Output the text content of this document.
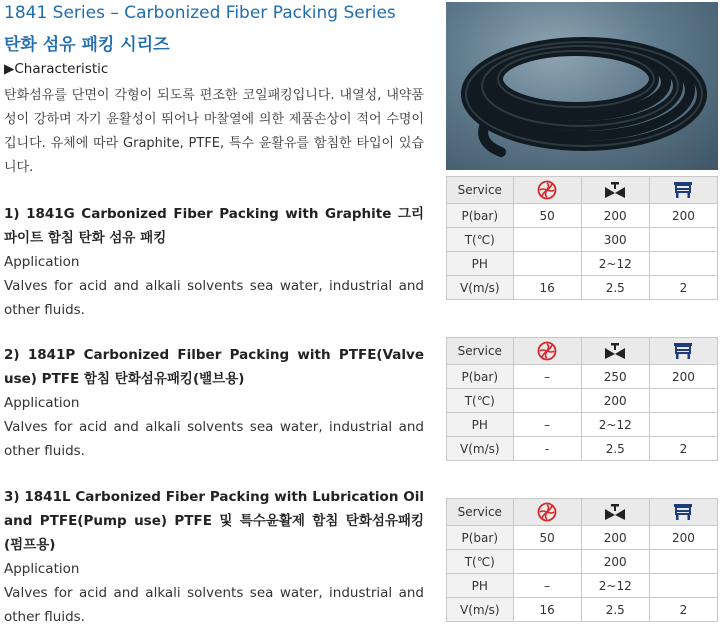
1841 Series – Carbonized Fiber Packing Series
탄화 섬유 패킹 시리즈
▶Characteristic
탄화섬유를 단면이 각형이 되도록 편조한 코일패킹입니다. 내열성, 내약품성이 강하며 자기 윤활성이 뛰어나 마찰열에 의한 제품손상이 적어 수명이 깁니다. 유체에 따라 Graphite, PTFE, 특수 윤활유를 함침한 타입이 있습니다.
1) 1841G Carbonized Fiber Packing with Graphite 그리파이트 함침 탄화 섬유 패킹
Application
Valves for acid and alkali solvents sea water, industrial and other fluids.
Service			
P(bar)	50	200	200
T(℃)		300	
PH		2~12	
V(m/s)	16	2.5	2
2) 1841P Carbonized Filber Packing with PTFE(Valve use) PTFE 함침 탄화섬유패킹(밸브용)
Application
Valves for acid and alkali solvents sea water, industrial and other fluids.
Service			
P(bar)	–	250	200
T(℃)		200	
PH	–	2~12	
V(m/s)	-	2.5	2
3) 1841L Carbonized Fiber Packing with Lubrication Oil and PTFE(Pump use) PTFE 및 특수윤활제 함침 탄화섬유패킹(펌프용)
Application
Valves for acid and alkali solvents sea water, industrial and other fluids.
Service			
P(bar)	50	200	200
T(℃)		200	
PH	–	2~12	
V(m/s)	16	2.5	2
